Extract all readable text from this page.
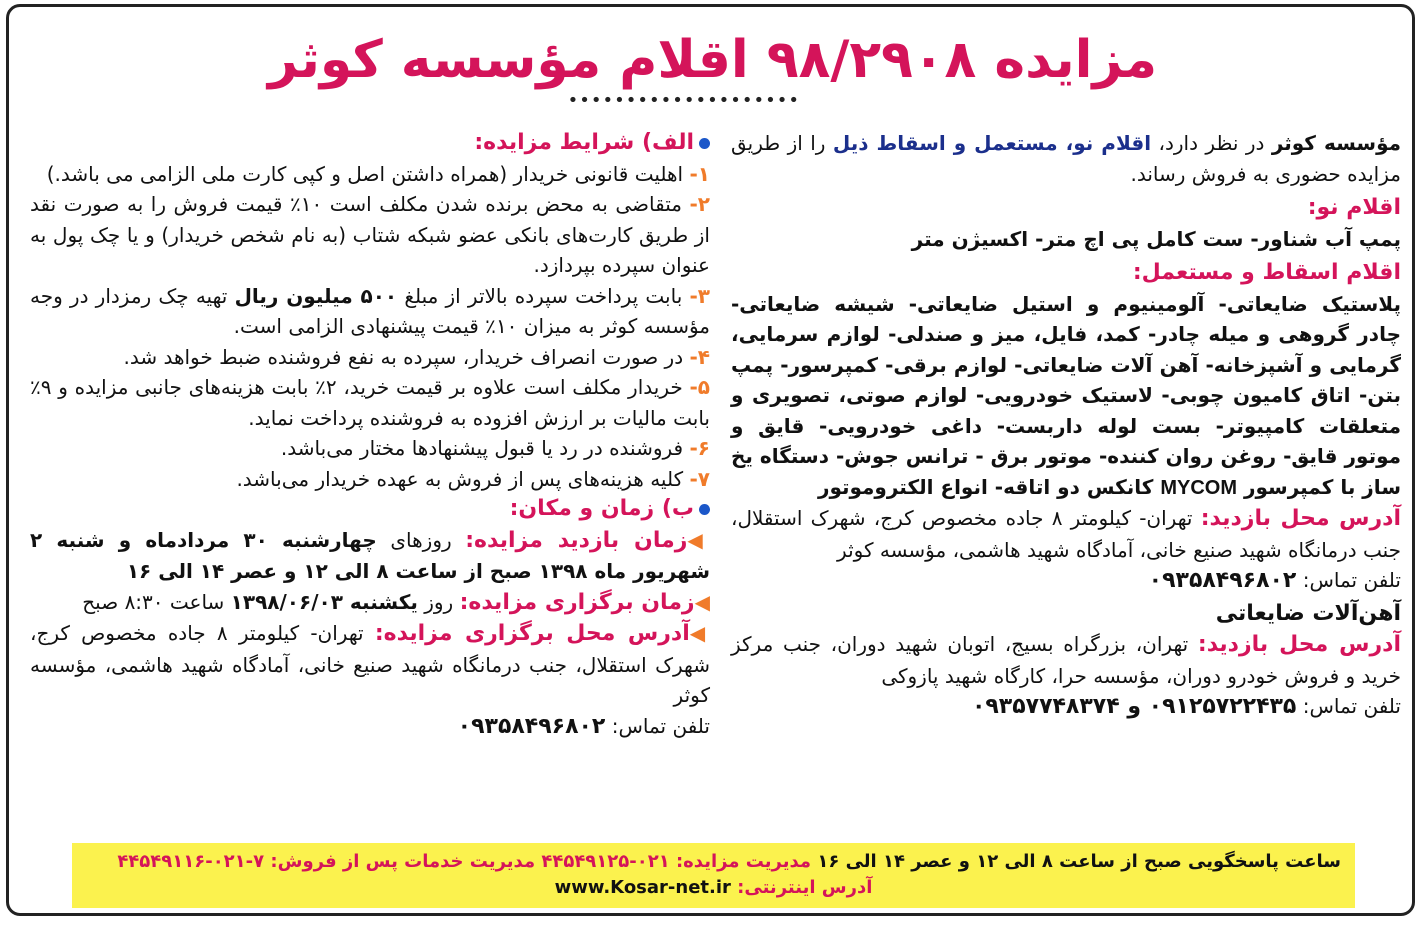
مزایده ۹۸/۲۹۰۸ اقلام مؤسسه کوثر
••••••••••••••••••••

مؤسسه کوثر در نظر دارد، اقلام نو، مستعمل و اسقاط ذیل را از طریق مزایده حضوری به فروش رساند.

اقلام نو:

پمپ آب شناور- ست کامل پی اچ متر- اکسیژن متر

اقلام اسقاط و مستعمل:

پلاستیک ضایعاتی- آلومینیوم و استیل ضایعاتی- شیشه ضایعاتی- چادر گروهی و میله چادر- کمد، فایل، میز و صندلی- لوازم سرمایی، گرمایی و آشپزخانه- آهن آلات ضایعاتی- لوازم برقی- کمپرسور- پمپ بتن- اتاق کامیون چوبی- لاستیک خودرویی- لوازم صوتی، تصویری و متعلقات کامپیوتر- بست لوله داربست- داغی خودرویی- قایق و موتور قایق- روغن روان کننده- موتور برق - ترانس جوش- دستگاه یخ ساز با کمپرسور MYCOM کانکس دو اتاقه- انواع الکتروموتور

آدرس محل بازدید: تهران- کیلومتر ۸ جاده مخصوص کرج، شهرک استقلال، جنب درمانگاه شهید صنیع خانی، آمادگاه شهید هاشمی، مؤسسه کوثر

تلفن تماس: ۰۹۳۵۸۴۹۶۸۰۲

آهن‌آلات ضایعاتی

آدرس محل بازدید: تهران، بزرگراه بسیج، اتوبان شهید دوران، جنب مرکز خرید و فروش خودرو دوران، مؤسسه حرا، کارگاه شهید پازوکی

تلفن تماس: ۰۹۱۲۵۷۲۲۴۳۵ و ۰۹۳۵۷۷۴۸۳۷۴

الف) شرایط مزایده:

۱- اهلیت قانونی خریدار (همراه داشتن اصل و کپی کارت ملی الزامی می باشد.)

۲- متقاضی به محض برنده شدن مکلف است ۱۰٪ قیمت فروش را به صورت نقد از طریق کارت‌های بانکی عضو شبکه شتاب (به نام شخص خریدار) و یا چک پول به عنوان سپرده بپردازد.

۳- بابت پرداخت سپرده بالاتر از مبلغ ۵۰۰ میلیون ریال تهیه چک رمزدار در وجه مؤسسه کوثر به میزان ۱۰٪ قیمت پیشنهادی الزامی است.

۴- در صورت انصراف خریدار، سپرده به نفع فروشنده ضبط خواهد شد.

۵- خریدار مکلف است علاوه بر قیمت خرید، ۲٪ بابت هزینه‌های جانبی مزایده و ۹٪ بابت مالیات بر ارزش افزوده به فروشنده پرداخت نماید.

۶- فروشنده در رد یا قبول پیشنهادها مختار می‌باشد.

۷- کلیه هزینه‌های پس از فروش به عهده خریدار می‌باشد.

ب) زمان و مکان:

◀زمان بازدید مزایده: روزهای چهارشنبه ۳۰ مردادماه و شنبه ۲ شهریور ماه ۱۳۹۸ صبح از ساعت ۸ الی ۱۲ و عصر ۱۴ الی ۱۶

◀زمان برگزاری مزایده: روز یکشنبه ۱۳۹۸/۰۶/۰۳ ساعت ۸:۳۰ صبح

◀آدرس محل برگزاری مزایده: تهران- کیلومتر ۸ جاده مخصوص کرج، شهرک استقلال، جنب درمانگاه شهید صنیع خانی، آمادگاه شهید هاشمی، مؤسسه کوثر

تلفن تماس: ۰۹۳۵۸۴۹۶۸۰۲

ساعت پاسخگویی صبح از ساعت ۸ الی ۱۲ و عصر ۱۴ الی ۱۶ مدیریت مزایده: ۰۲۱-۴۴۵۴۹۱۲۵ مدیریت خدمات پس از فروش: ۷-۰۲۱-۴۴۵۴۹۱۱۶
آدرس اینترنتی: www.Kosar-net.ir
